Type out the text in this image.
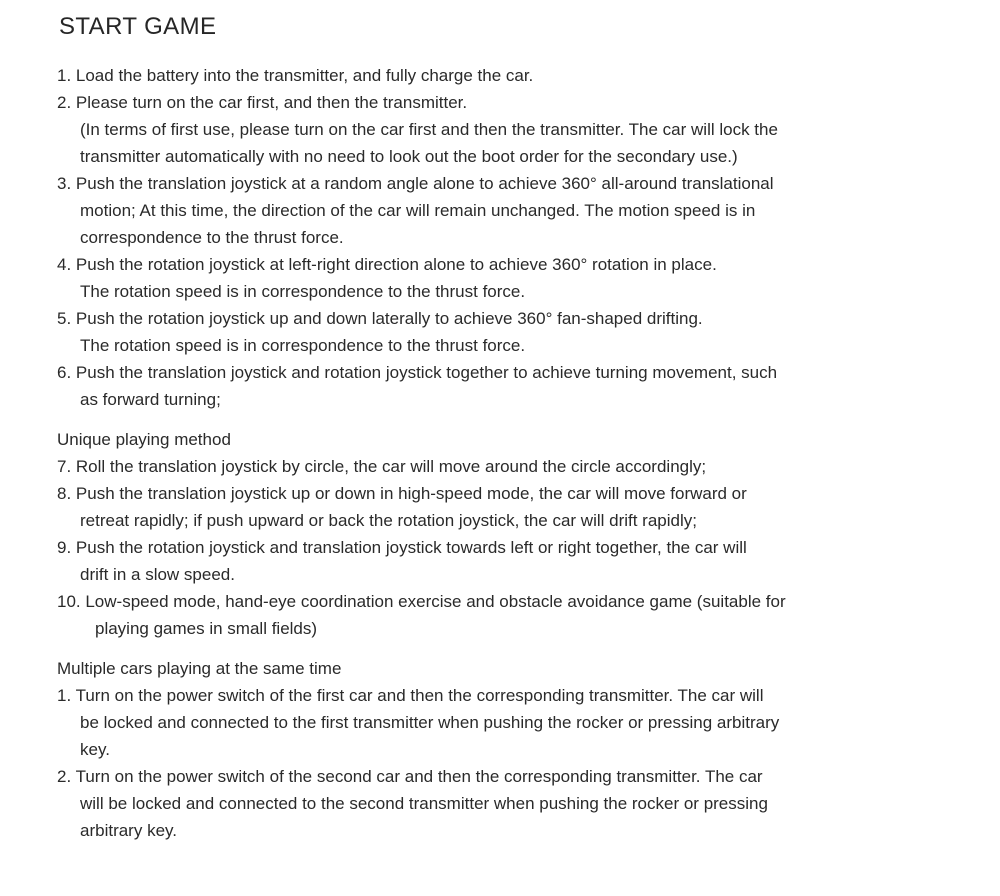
START GAME

1. Load the battery into the transmitter, and fully charge the car.

2. Please turn on the car first, and then the transmitter.

(In terms of first use, please turn on the car first and then the transmitter. The car will lock the

transmitter automatically with no need to look out the boot order for the secondary use.)

3. Push the translation joystick at a random angle alone to achieve 360° all-around translational

motion; At this time, the direction of the car will remain unchanged. The motion speed is in

correspondence to the thrust force.

4. Push the rotation joystick at left-right direction alone to achieve 360° rotation in place.

The rotation speed is in correspondence to the thrust force.

5. Push the rotation joystick up and down laterally to achieve 360° fan-shaped drifting.

The rotation speed is in correspondence to the thrust force.

6. Push the translation joystick and rotation joystick together to achieve turning movement, such

as forward turning;

Unique playing method

7. Roll the translation joystick by circle, the car will move around the circle accordingly;

8. Push the translation joystick up or down in high-speed mode, the car will move forward or

retreat rapidly; if push upward or back the rotation joystick, the car will drift rapidly;

9. Push the rotation joystick and translation joystick towards left or right together, the car will

drift in a slow speed.

10. Low-speed mode, hand-eye coordination exercise and obstacle avoidance game (suitable for

playing games in small fields)

Multiple cars playing at the same time

1. Turn on the power switch of the first car and then the corresponding transmitter. The car will

be locked and connected to the first transmitter when pushing the rocker or pressing arbitrary

key.

2. Turn on the power switch of the second car and then the corresponding transmitter. The car

will be locked and connected to the second transmitter when pushing the rocker or pressing

arbitrary key.
